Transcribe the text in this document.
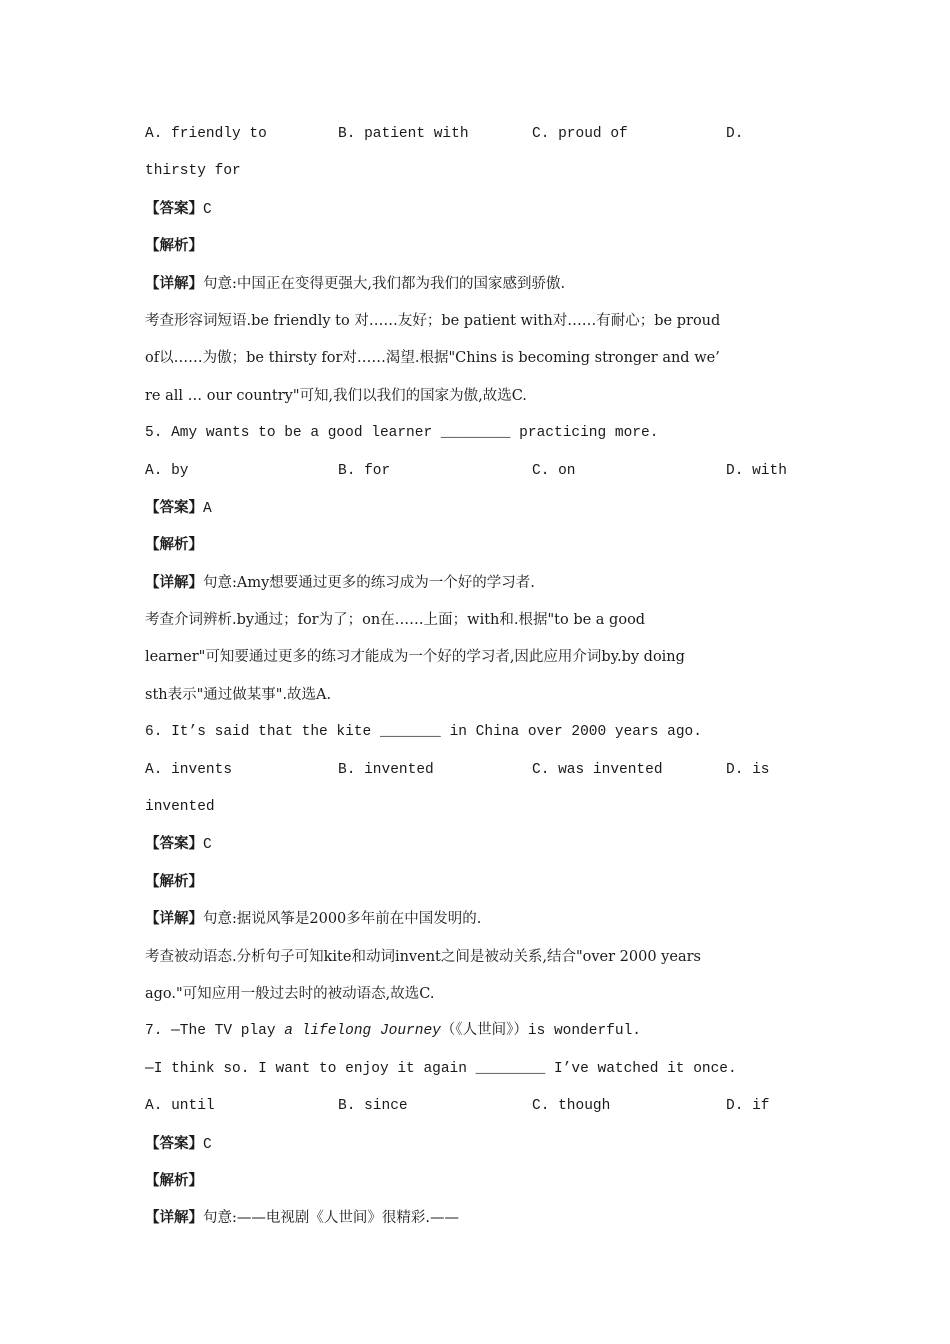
A. friendly to	B. patient with	C. proud of	D.
thirsty for
【答案】C
【解析】
【详解】句意:中国正在变得更强大,我们都为我们的国家感到骄傲.
考查形容词短语.be friendly to 对……友好；be patient with对……有耐心；be proud
of以……为傲；be thirsty for对……渴望.根据"Chins is becoming stronger and we’
re all … our country"可知,我们以我们的国家为傲,故选C.
5. Amy wants to be a good learner ________ practicing more.
A. by	B. for	C. on	D. with
【答案】A
【解析】
【详解】句意:Amy想要通过更多的练习成为一个好的学习者.
考查介词辨析.by通过；for为了；on在……上面；with和.根据"to be a good
learner"可知要通过更多的练习才能成为一个好的学习者,因此应用介词by.by doing
sth表示"通过做某事".故选A.
6. It’s said that the kite _______ in China over 2000 years ago.
A. invents	B. invented	C. was invented	D. is
invented
【答案】C
【解析】
【详解】句意:据说风筝是2000多年前在中国发明的.
考查被动语态.分析句子可知kite和动词invent之间是被动关系,结合"over 2000 years
ago."可知应用一般过去时的被动语态,故选C.
7. —The TV play a lifelong Journey（《人世间》）is wonderful.
—I think so. I want to enjoy it again ________ I’ve watched it once.
A. until	B. since	C. though	D. if
【答案】C
【解析】
【详解】句意:——电视剧《人世间》很精彩.——
